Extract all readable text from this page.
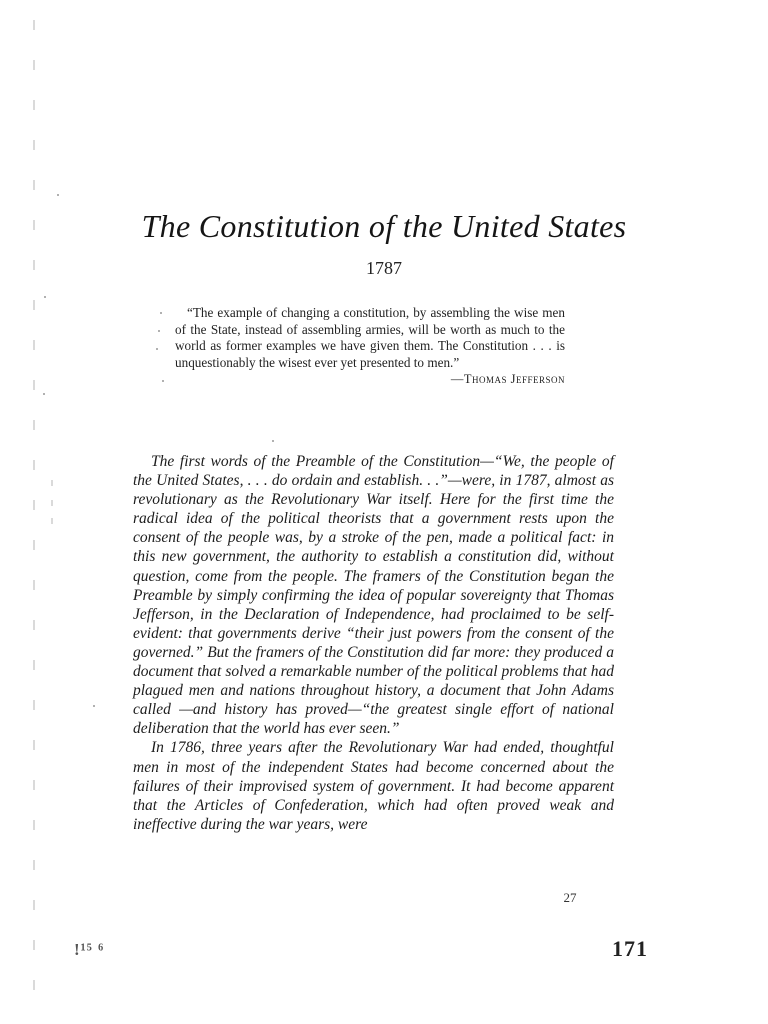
The Constitution of the United States
1787

“The example of changing a constitution, by assembling the wise men of the State, instead of assembling armies, will be worth as much to the world as former examples we have given them. The Constitution . . . is unquestionably the wisest ever yet presented to men.”

—Thomas Jefferson

The first words of the Preamble of the Constitution—“We, the people of the United States, . . . do ordain and establish. . .”—were, in 1787, almost as revolutionary as the Revolutionary War itself. Here for the first time the radical idea of the political theorists that a government rests upon the consent of the people was, by a stroke of the pen, made a political fact: in this new government, the authority to establish a constitution did, without question, come from the people. The framers of the Constitution began the Preamble by simply confirming the idea of popular sovereignty that Thomas Jefferson, in the Declaration of Independence, had proclaimed to be self-evident: that governments derive “their just powers from the consent of the governed.” But the framers of the Constitution did far more: they produced a document that solved a remarkable number of the political problems that had plagued men and nations throughout history, a document that John Adams called —and history has proved—“the greatest single effort of national deliberation that the world has ever seen.”

In 1786, three years after the Revolutionary War had ended, thoughtful men in most of the independent States had become concerned about the failures of their improvised system of government. It had become apparent that the Articles of Confederation, which had often proved weak and ineffective during the war years, were

27
!¹⁵ ⁶	171
